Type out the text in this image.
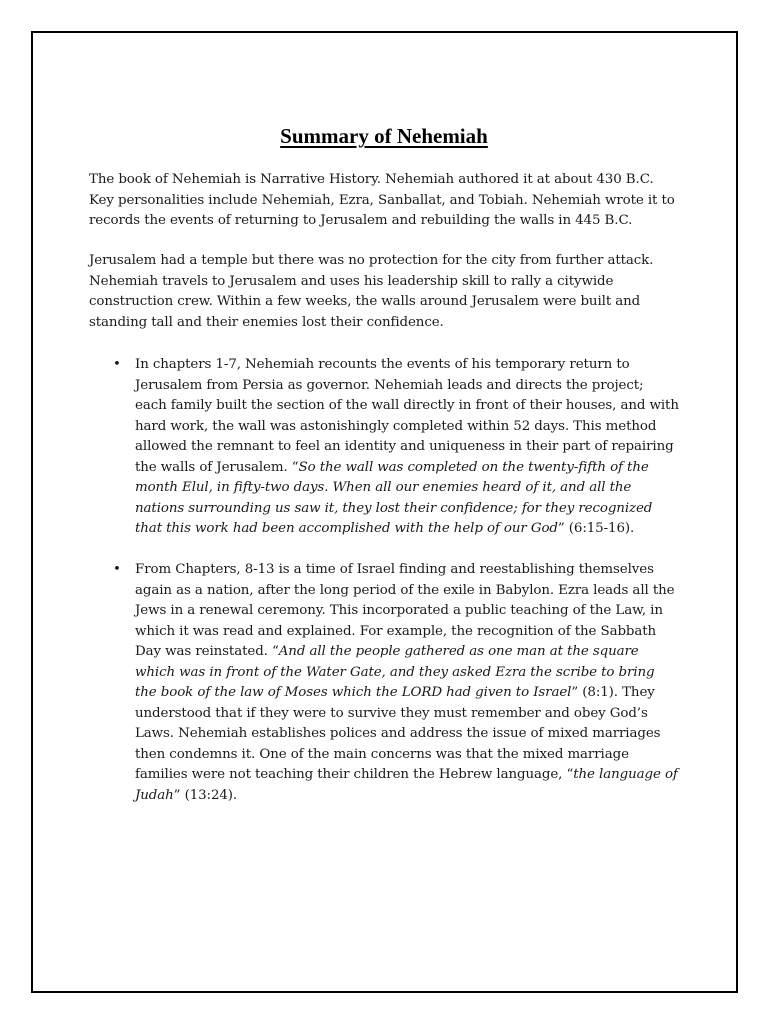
Summary of Nehemiah

The book of Nehemiah is Narrative History. Nehemiah authored it at about 430 B.C. Key personalities include Nehemiah, Ezra, Sanballat, and Tobiah. Nehemiah wrote it to records the events of returning to Jerusalem and rebuilding the walls in 445 B.C.

Jerusalem had a temple but there was no protection for the city from further attack. Nehemiah travels to Jerusalem and uses his leadership skill to rally a citywide construction crew. Within a few weeks, the walls around Jerusalem were built and standing tall and their enemies lost their confidence.

• In chapters 1-7, Nehemiah recounts the events of his temporary return to Jerusalem from Persia as governor. Nehemiah leads and directs the project; each family built the section of the wall directly in front of their houses, and with hard work, the wall was astonishingly completed within 52 days. This method allowed the remnant to feel an identity and uniqueness in their part of repairing the walls of Jerusalem. “So the wall was completed on the twenty-fifth of the month Elul, in fifty-two days. When all our enemies heard of it, and all the nations surrounding us saw it, they lost their confidence; for they recognized that this work had been accomplished with the help of our God” (6:15-16).
• From Chapters, 8-13 is a time of Israel finding and reestablishing themselves again as a nation, after the long period of the exile in Babylon. Ezra leads all the Jews in a renewal ceremony. This incorporated a public teaching of the Law, in which it was read and explained. For example, the recognition of the Sabbath Day was reinstated. “And all the people gathered as one man at the square which was in front of the Water Gate, and they asked Ezra the scribe to bring the book of the law of Moses which the LORD had given to Israel” (8:1). They understood that if they were to survive they must remember and obey God’s Laws. Nehemiah establishes polices and address the issue of mixed marriages then condemns it. One of the main concerns was that the mixed marriage families were not teaching their children the Hebrew language, “the language of Judah” (13:24).
